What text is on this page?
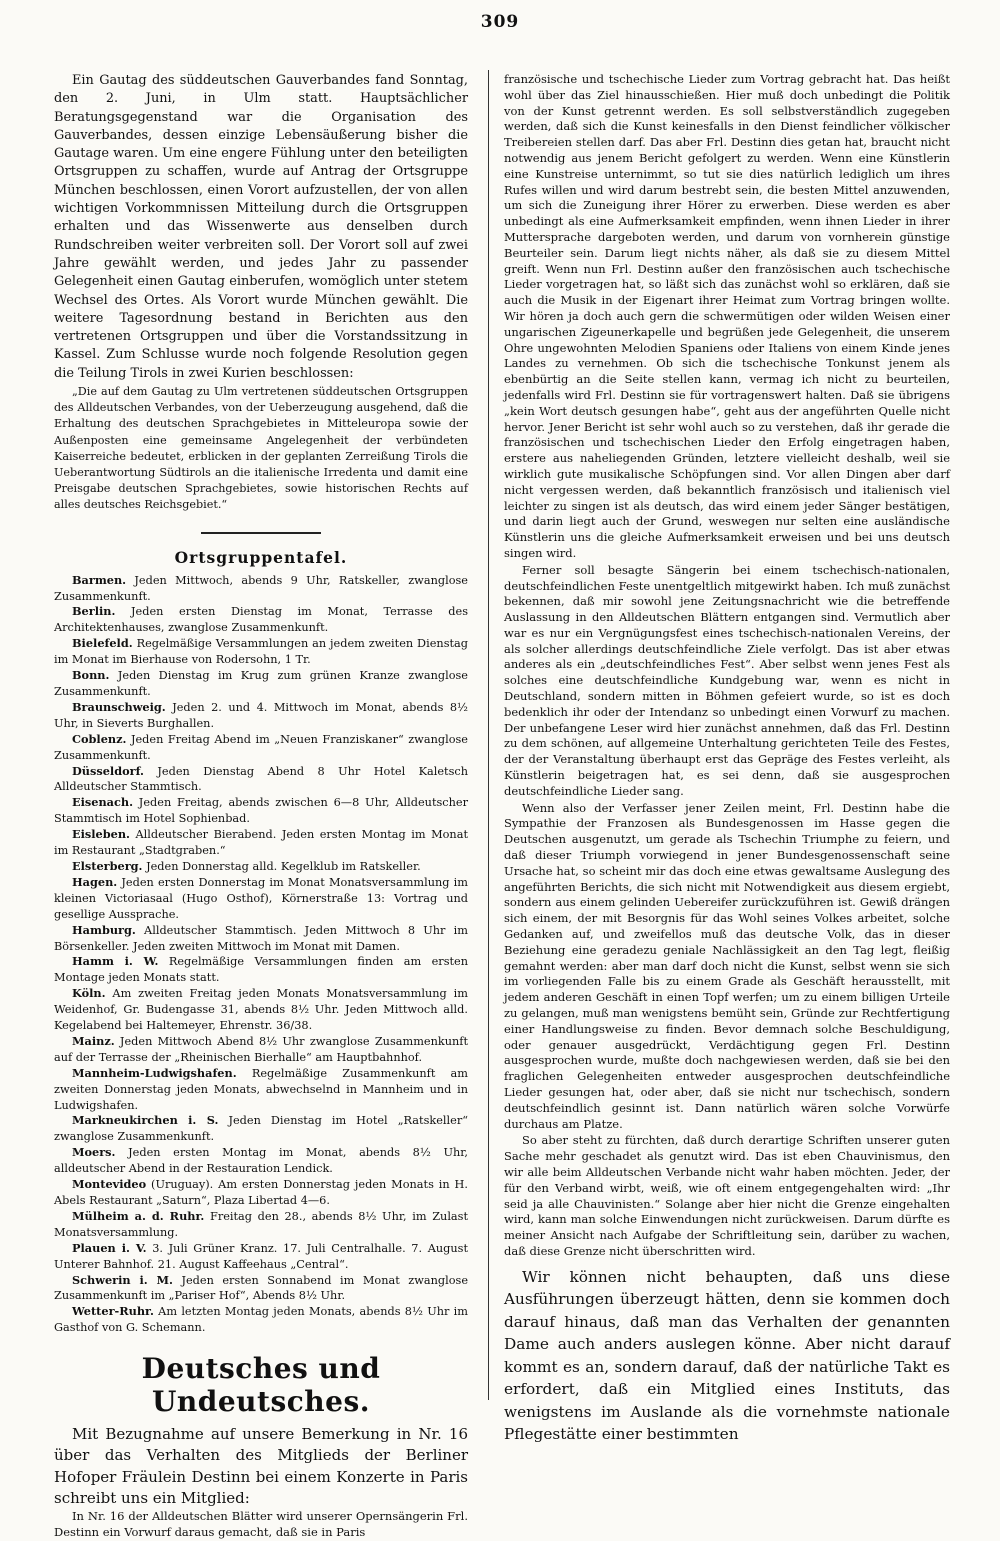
309

Ein Gautag des süddeutschen Gauverbandes fand Sonntag, den 2. Juni, in Ulm statt. Hauptsächlicher Beratungsgegenstand war die Organisation des Gauverbandes, dessen einzige Lebensäußerung bisher die Gautage waren. Um eine engere Fühlung unter den beteiligten Ortsgruppen zu schaffen, wurde auf Antrag der Ortsgruppe München beschlossen, einen Vorort aufzustellen, der von allen wichtigen Vorkommnissen Mitteilung durch die Ortsgruppen erhalten und das Wissenwerte aus denselben durch Rundschreiben weiter verbreiten soll. Der Vorort soll auf zwei Jahre gewählt werden, und jedes Jahr zu passender Gelegenheit einen Gautag einberufen, womöglich unter stetem Wechsel des Ortes. Als Vorort wurde München gewählt. Die weitere Tagesordnung bestand in Berichten aus den vertretenen Ortsgruppen und über die Vorstandssitzung in Kassel. Zum Schlusse wurde noch folgende Resolution gegen die Teilung Tirols in zwei Kurien beschlossen:

„Die auf dem Gautag zu Ulm vertretenen süddeutschen Ortsgruppen des Alldeutschen Verbandes, von der Ueberzeugung ausgehend, daß die Erhaltung des deutschen Sprachgebietes in Mitteleuropa sowie der Außenposten eine gemeinsame Angelegenheit der verbündeten Kaiserreiche bedeutet, erblicken in der geplanten Zerreißung Tirols die Ueberantwortung Südtirols an die italienische Irredenta und damit eine Preisgabe deutschen Sprachgebietes, sowie historischen Rechts auf alles deutsches Reichsgebiet.“

Ortsgruppentafel.

Barmen. Jeden Mittwoch, abends 9 Uhr, Ratskeller, zwanglose Zusammenkunft.

Berlin. Jeden ersten Dienstag im Monat, Terrasse des Architektenhauses, zwanglose Zusammenkunft.

Bielefeld. Regelmäßige Versammlungen an jedem zweiten Dienstag im Monat im Bierhause von Rodersohn, 1 Tr.

Bonn. Jeden Dienstag im Krug zum grünen Kranze zwanglose Zusammenkunft.

Braunschweig. Jeden 2. und 4. Mittwoch im Monat, abends 8½ Uhr, in Sieverts Burghallen.

Coblenz. Jeden Freitag Abend im „Neuen Franziskaner“ zwanglose Zusammenkunft.

Düsseldorf. Jeden Dienstag Abend 8 Uhr Hotel Kaletsch Alldeutscher Stammtisch.

Eisenach. Jeden Freitag, abends zwischen 6—8 Uhr, Alldeutscher Stammtisch im Hotel Sophienbad.

Eisleben. Alldeutscher Bierabend. Jeden ersten Montag im Monat im Restaurant „Stadtgraben.“

Elsterberg. Jeden Donnerstag alld. Kegelklub im Ratskeller.

Hagen. Jeden ersten Donnerstag im Monat Monatsversammlung im kleinen Victoriasaal (Hugo Osthof), Körnerstraße 13: Vortrag und gesellige Aussprache.

Hamburg. Alldeutscher Stammtisch. Jeden Mittwoch 8 Uhr im Börsenkeller. Jeden zweiten Mittwoch im Monat mit Damen.

Hamm i. W. Regelmäßige Versammlungen finden am ersten Montage jeden Monats statt.

Köln. Am zweiten Freitag jeden Monats Monatsversammlung im Weidenhof, Gr. Budengasse 31, abends 8½ Uhr. Jeden Mittwoch alld. Kegelabend bei Haltemeyer, Ehrenstr. 36/38.

Mainz. Jeden Mittwoch Abend 8½ Uhr zwanglose Zusammenkunft auf der Terrasse der „Rheinischen Bierhalle“ am Hauptbahnhof.

Mannheim-Ludwigshafen. Regelmäßige Zusammenkunft am zweiten Donnerstag jeden Monats, abwechselnd in Mannheim und in Ludwigshafen.

Markneukirchen i. S. Jeden Dienstag im Hotel „Ratskeller“ zwanglose Zusammenkunft.

Moers. Jeden ersten Montag im Monat, abends 8½ Uhr, alldeutscher Abend in der Restauration Lendick.

Montevideo (Uruguay). Am ersten Donnerstag jeden Monats in H. Abels Restaurant „Saturn“, Plaza Libertad 4—6.

Mülheim a. d. Ruhr. Freitag den 28., abends 8½ Uhr, im Zulast Monatsversammlung.

Plauen i. V. 3. Juli Grüner Kranz. 17. Juli Centralhalle. 7. August Unterer Bahnhof. 21. August Kaffeehaus „Central“.

Schwerin i. M. Jeden ersten Sonnabend im Monat zwanglose Zusammenkunft im „Pariser Hof“, Abends 8½ Uhr.

Wetter-Ruhr. Am letzten Montag jeden Monats, abends 8½ Uhr im Gasthof von G. Schemann.

Deutsches und Undeutsches.

Mit Bezugnahme auf unsere Bemerkung in Nr. 16 über das Verhalten des Mitglieds der Berliner Hofoper Fräulein Destinn bei einem Konzerte in Paris schreibt uns ein Mitglied:

In Nr. 16 der Alldeutschen Blätter wird unserer Opernsängerin Frl. Destinn ein Vorwurf daraus gemacht, daß sie in Paris

französische und tschechische Lieder zum Vortrag gebracht hat. Das heißt wohl über das Ziel hinausschießen. Hier muß doch unbedingt die Politik von der Kunst getrennt werden. Es soll selbstverständlich zugegeben werden, daß sich die Kunst keinesfalls in den Dienst feindlicher völkischer Treibereien stellen darf. Das aber Frl. Destinn dies getan hat, braucht nicht notwendig aus jenem Bericht gefolgert zu werden. Wenn eine Künstlerin eine Kunstreise unternimmt, so tut sie dies natürlich lediglich um ihres Rufes willen und wird darum bestrebt sein, die besten Mittel anzuwenden, um sich die Zuneigung ihrer Hörer zu erwerben. Diese werden es aber unbedingt als eine Aufmerksamkeit empfinden, wenn ihnen Lieder in ihrer Muttersprache dargeboten werden, und darum von vornherein günstige Beurteiler sein. Darum liegt nichts näher, als daß sie zu diesem Mittel greift. Wenn nun Frl. Destinn außer den französischen auch tschechische Lieder vorgetragen hat, so läßt sich das zunächst wohl so erklären, daß sie auch die Musik in der Eigenart ihrer Heimat zum Vortrag bringen wollte. Wir hören ja doch auch gern die schwermütigen oder wilden Weisen einer ungarischen Zigeunerkapelle und begrüßen jede Gelegenheit, die unserem Ohre ungewohnten Melodien Spaniens oder Italiens von einem Kinde jenes Landes zu vernehmen. Ob sich die tschechische Tonkunst jenem als ebenbürtig an die Seite stellen kann, vermag ich nicht zu beurteilen, jedenfalls wird Frl. Destinn sie für vortragenswert halten. Daß sie übrigens „kein Wort deutsch gesungen habe“, geht aus der angeführten Quelle nicht hervor. Jener Bericht ist sehr wohl auch so zu verstehen, daß ihr gerade die französischen und tschechischen Lieder den Erfolg eingetragen haben, erstere aus naheliegenden Gründen, letztere vielleicht deshalb, weil sie wirklich gute musikalische Schöpfungen sind. Vor allen Dingen aber darf nicht vergessen werden, daß bekanntlich französisch und italienisch viel leichter zu singen ist als deutsch, das wird einem jeder Sänger bestätigen, und darin liegt auch der Grund, weswegen nur selten eine ausländische Künstlerin uns die gleiche Aufmerksamkeit erweisen und bei uns deutsch singen wird.

Ferner soll besagte Sängerin bei einem tschechisch-nationalen, deutschfeindlichen Feste unentgeltlich mitgewirkt haben. Ich muß zunächst bekennen, daß mir sowohl jene Zeitungsnachricht wie die betreffende Auslassung in den Alldeutschen Blättern entgangen sind. Vermutlich aber war es nur ein Vergnügungsfest eines tschechisch-nationalen Vereins, der als solcher allerdings deutschfeindliche Ziele verfolgt. Das ist aber etwas anderes als ein „deutschfeindliches Fest“. Aber selbst wenn jenes Fest als solches eine deutschfeindliche Kundgebung war, wenn es nicht in Deutschland, sondern mitten in Böhmen gefeiert wurde, so ist es doch bedenklich ihr oder der Intendanz so unbedingt einen Vorwurf zu machen. Der unbefangene Leser wird hier zunächst annehmen, daß das Frl. Destinn zu dem schönen, auf allgemeine Unterhaltung gerichteten Teile des Festes, der der Veranstaltung überhaupt erst das Gepräge des Festes verleiht, als Künstlerin beigetragen hat, es sei denn, daß sie ausgesprochen deutschfeindliche Lieder sang.

Wenn also der Verfasser jener Zeilen meint, Frl. Destinn habe die Sympathie der Franzosen als Bundesgenossen im Hasse gegen die Deutschen ausgenutzt, um gerade als Tschechin Triumphe zu feiern, und daß dieser Triumph vorwiegend in jener Bundesgenossenschaft seine Ursache hat, so scheint mir das doch eine etwas gewaltsame Auslegung des angeführten Berichts, die sich nicht mit Notwendigkeit aus diesem ergiebt, sondern aus einem gelinden Uebereifer zurückzuführen ist. Gewiß drängen sich einem, der mit Besorgnis für das Wohl seines Volkes arbeitet, solche Gedanken auf, und zweifellos muß das deutsche Volk, das in dieser Beziehung eine geradezu geniale Nachlässigkeit an den Tag legt, fleißig gemahnt werden: aber man darf doch nicht die Kunst, selbst wenn sie sich im vorliegenden Falle bis zu einem Grade als Geschäft herausstellt, mit jedem anderen Geschäft in einen Topf werfen; um zu einem billigen Urteile zu gelangen, muß man wenigstens bemüht sein, Gründe zur Rechtfertigung einer Handlungsweise zu finden. Bevor demnach solche Beschuldigung, oder genauer ausgedrückt, Verdächtigung gegen Frl. Destinn ausgesprochen wurde, mußte doch nachgewiesen werden, daß sie bei den fraglichen Gelegenheiten entweder ausgesprochen deutschfeindliche Lieder gesungen hat, oder aber, daß sie nicht nur tschechisch, sondern deutschfeindlich gesinnt ist. Dann natürlich wären solche Vorwürfe durchaus am Platze.

So aber steht zu fürchten, daß durch derartige Schriften unserer guten Sache mehr geschadet als genutzt wird. Das ist eben Chauvinismus, den wir alle beim Alldeutschen Verbande nicht wahr haben möchten. Jeder, der für den Verband wirbt, weiß, wie oft einem entgegengehalten wird: „Ihr seid ja alle Chauvinisten.“ Solange aber hier nicht die Grenze eingehalten wird, kann man solche Einwendungen nicht zurückweisen. Darum dürfte es meiner Ansicht nach Aufgabe der Schriftleitung sein, darüber zu wachen, daß diese Grenze nicht überschritten wird.

Wir können nicht behaupten, daß uns diese Ausführungen überzeugt hätten, denn sie kommen doch darauf hinaus, daß man das Verhalten der genannten Dame auch anders auslegen könne. Aber nicht darauf kommt es an, sondern darauf, daß der natürliche Takt es erfordert, daß ein Mitglied eines Instituts, das wenigstens im Auslande als die vornehmste nationale Pflegestätte einer bestimmten
